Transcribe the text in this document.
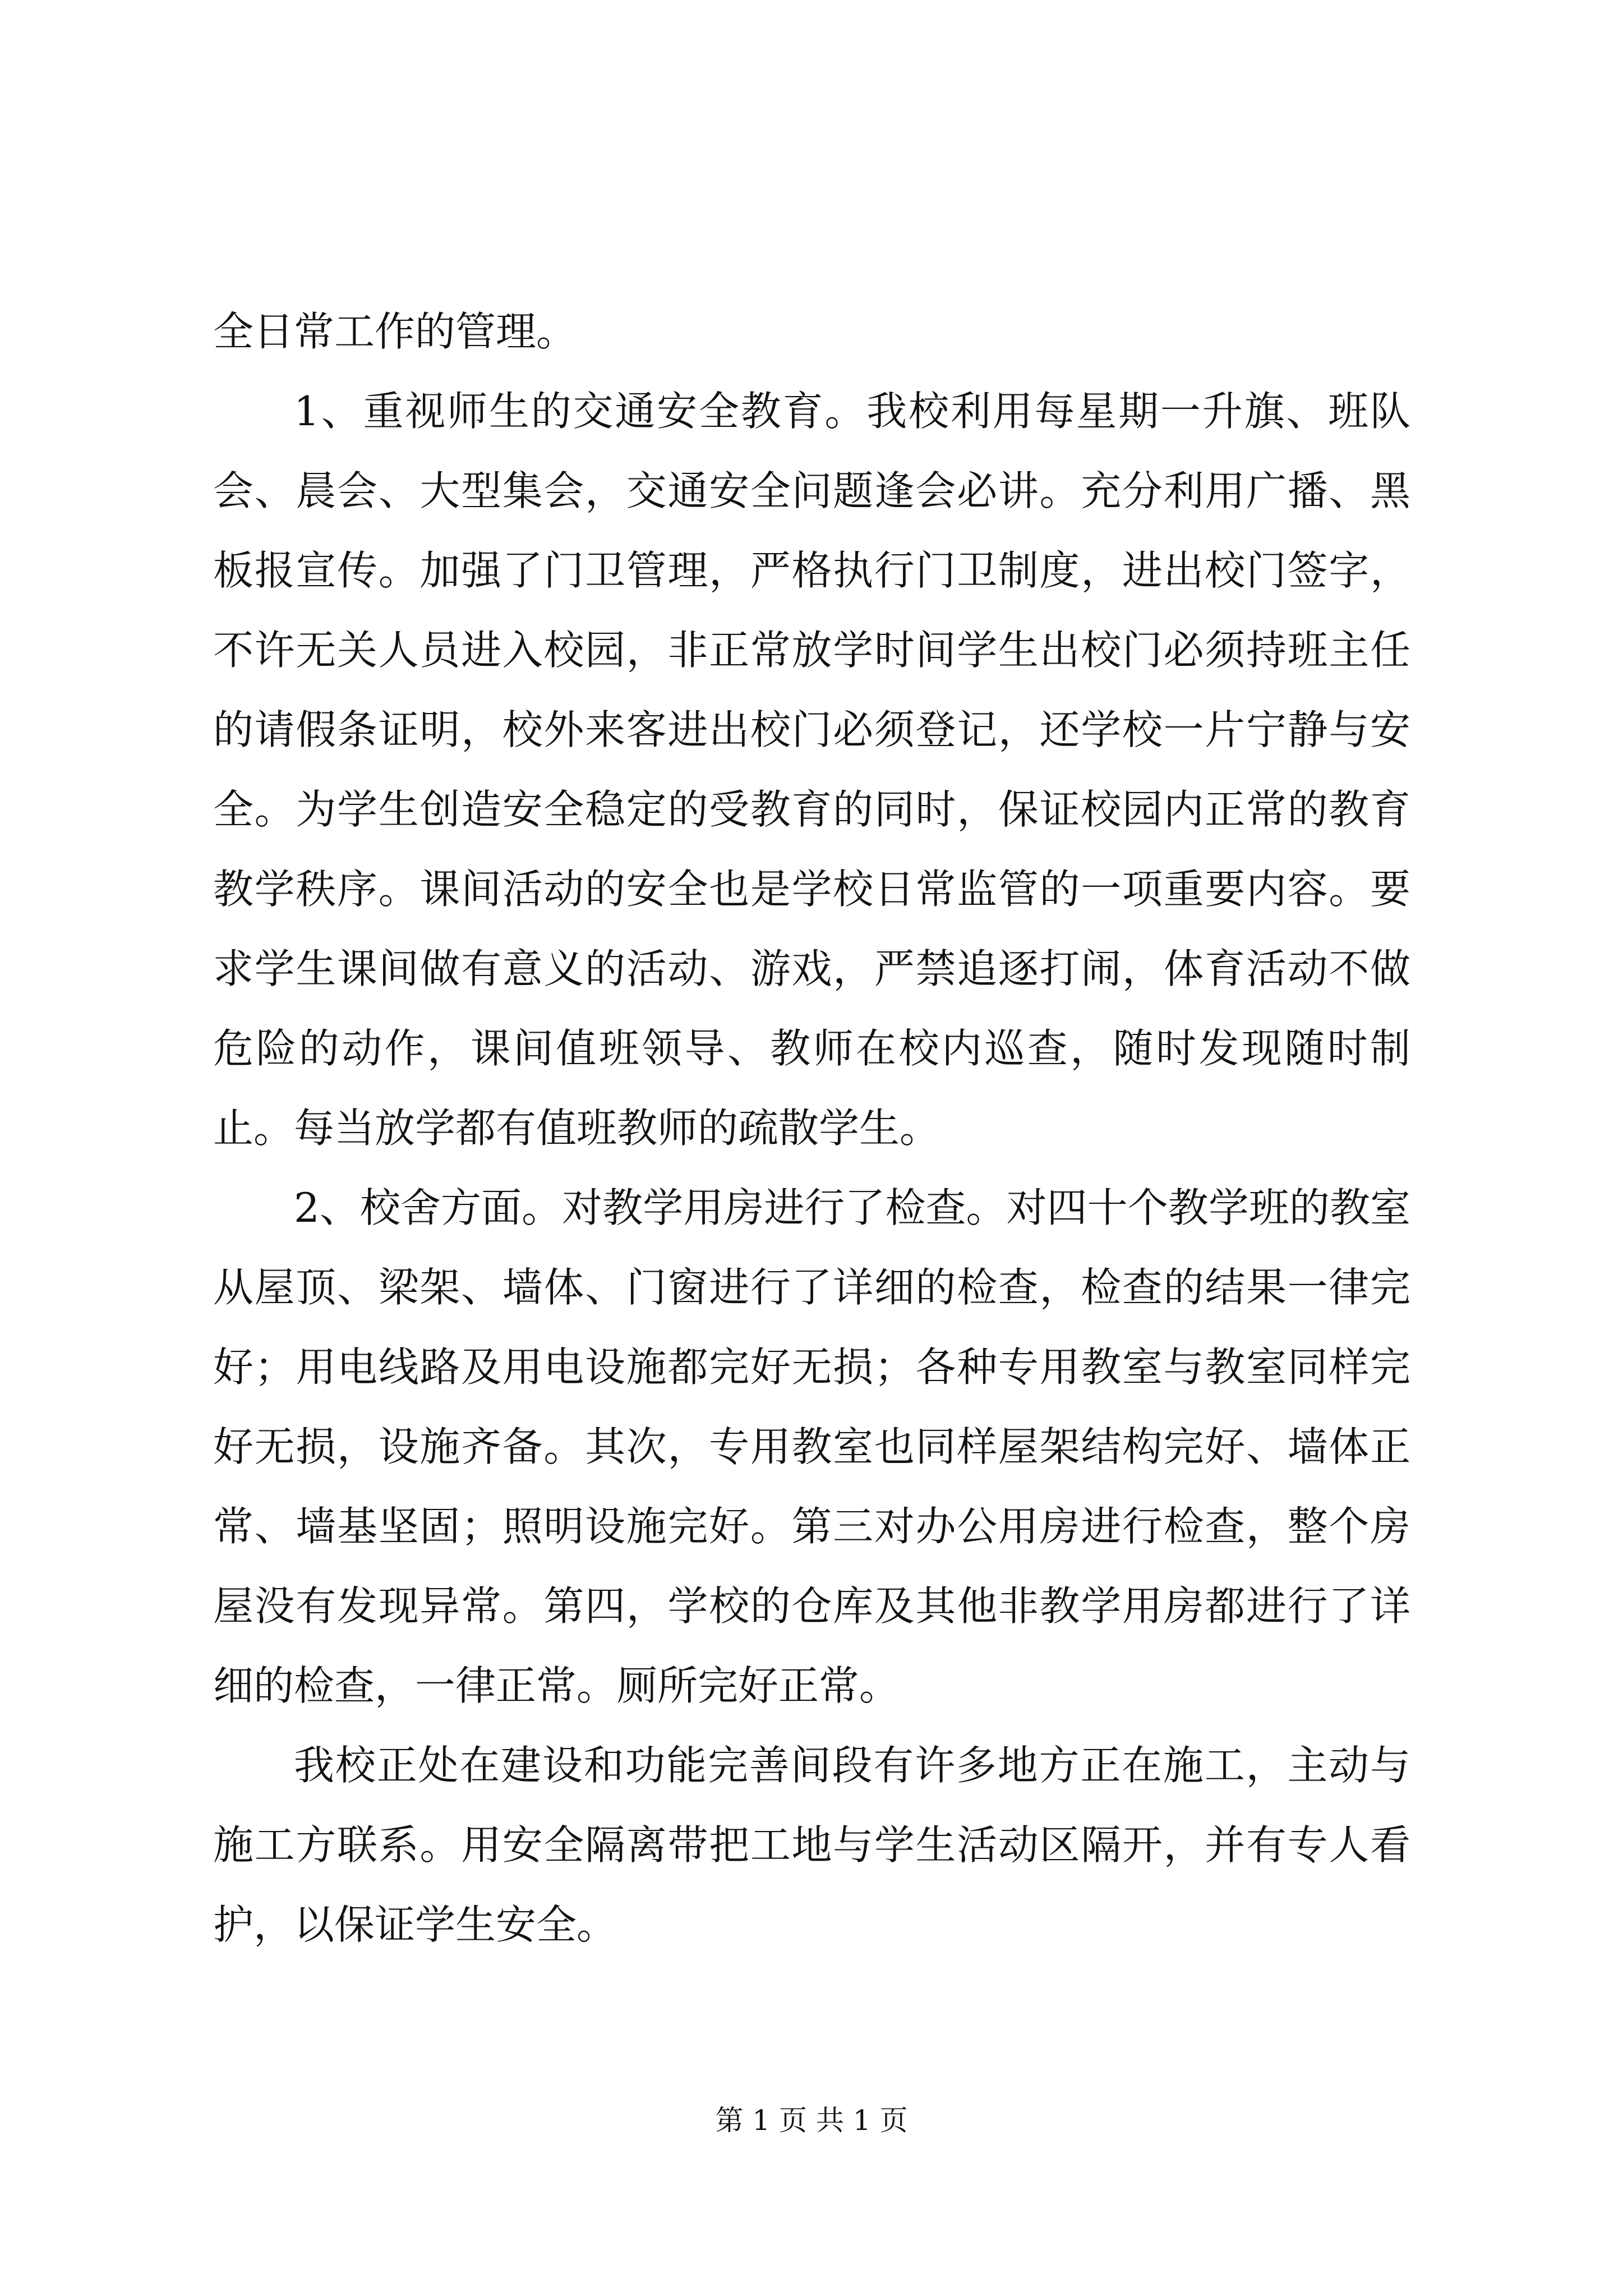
全日常工作的管理。

1、重视师生的交通安全教育。我校利用每星期一升旗、班队会、晨会、大型集会，交通安全问题逢会必讲。充分利用广播、黑板报宣传。加强了门卫管理，严格执行门卫制度，进出校门签字，不许无关人员进入校园，非正常放学时间学生出校门必须持班主任的请假条证明，校外来客进出校门必须登记，还学校一片宁静与安全。为学生创造安全稳定的受教育的同时，保证校园内正常的教育教学秩序。课间活动的安全也是学校日常监管的一项重要内容。要求学生课间做有意义的活动、游戏，严禁追逐打闹，体育活动不做危险的动作，课间值班领导、教师在校内巡查，随时发现随时制止。每当放学都有值班教师的疏散学生。

2、校舍方面。对教学用房进行了检查。对四十个教学班的教室从屋顶、梁架、墙体、门窗进行了详细的检查，检查的结果一律完好；用电线路及用电设施都完好无损；各种专用教室与教室同样完好无损，设施齐备。其次，专用教室也同样屋架结构完好、墙体正常、墙基坚固；照明设施完好。第三对办公用房进行检查，整个房屋没有发现异常。第四，学校的仓库及其他非教学用房都进行了详细的检查，一律正常。厕所完好正常。

我校正处在建设和功能完善间段有许多地方正在施工，主动与施工方联系。用安全隔离带把工地与学生活动区隔开，并有专人看护，以保证学生安全。

第 1 页 共 1 页
